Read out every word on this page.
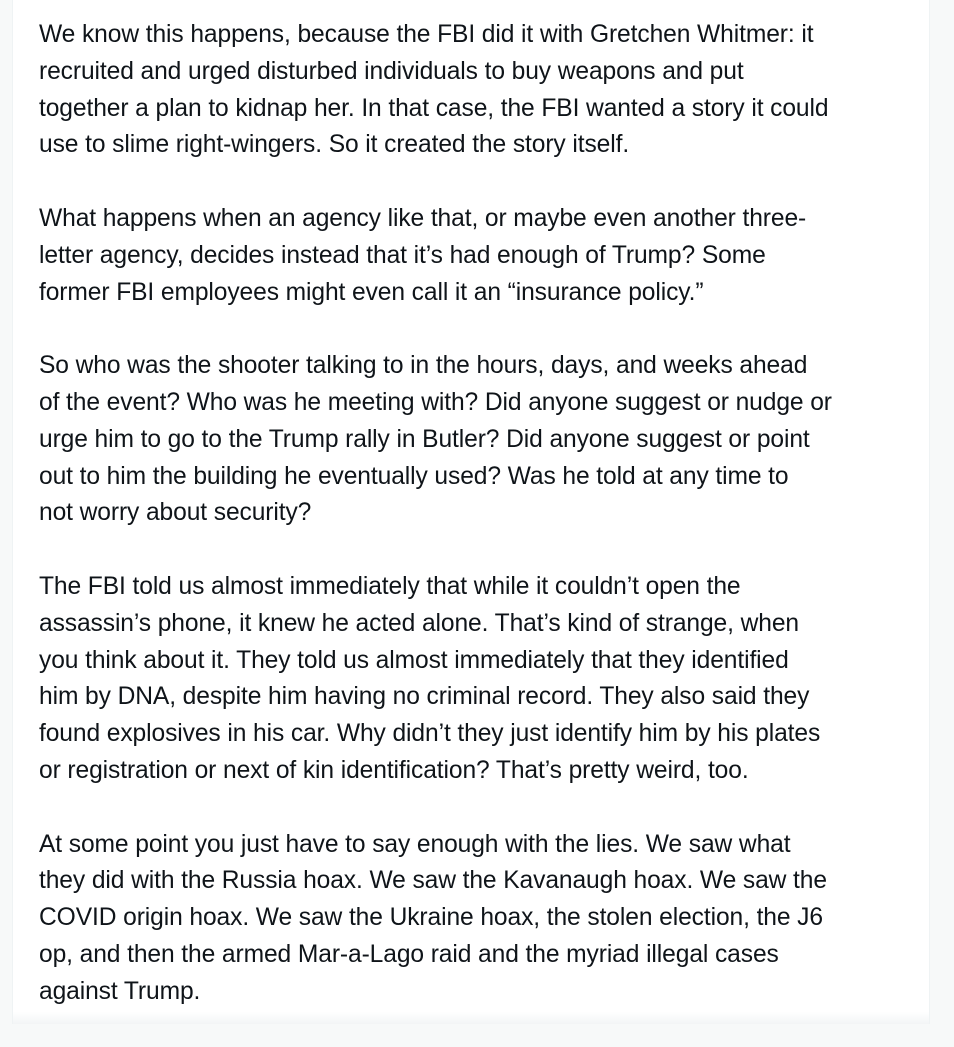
We know this happens, because the FBI did it with Gretchen Whitmer: it
recruited and urged disturbed individuals to buy weapons and put
together a plan to kidnap her. In that case, the FBI wanted a story it could
use to slime right-wingers. So it created the story itself.

What happens when an agency like that, or maybe even another three-
letter agency, decides instead that it’s had enough of Trump? Some
former FBI employees might even call it an “insurance policy.”

So who was the shooter talking to in the hours, days, and weeks ahead
of the event? Who was he meeting with? Did anyone suggest or nudge or
urge him to go to the Trump rally in Butler? Did anyone suggest or point
out to him the building he eventually used? Was he told at any time to
not worry about security?

The FBI told us almost immediately that while it couldn’t open the
assassin’s phone, it knew he acted alone. That’s kind of strange, when
you think about it. They told us almost immediately that they identified
him by DNA, despite him having no criminal record. They also said they
found explosives in his car. Why didn’t they just identify him by his plates
or registration or next of kin identification? That’s pretty weird, too.

At some point you just have to say enough with the lies. We saw what
they did with the Russia hoax. We saw the Kavanaugh hoax. We saw the
COVID origin hoax. We saw the Ukraine hoax, the stolen election, the J6
op, and then the armed Mar-a-Lago raid and the myriad illegal cases
against Trump.
